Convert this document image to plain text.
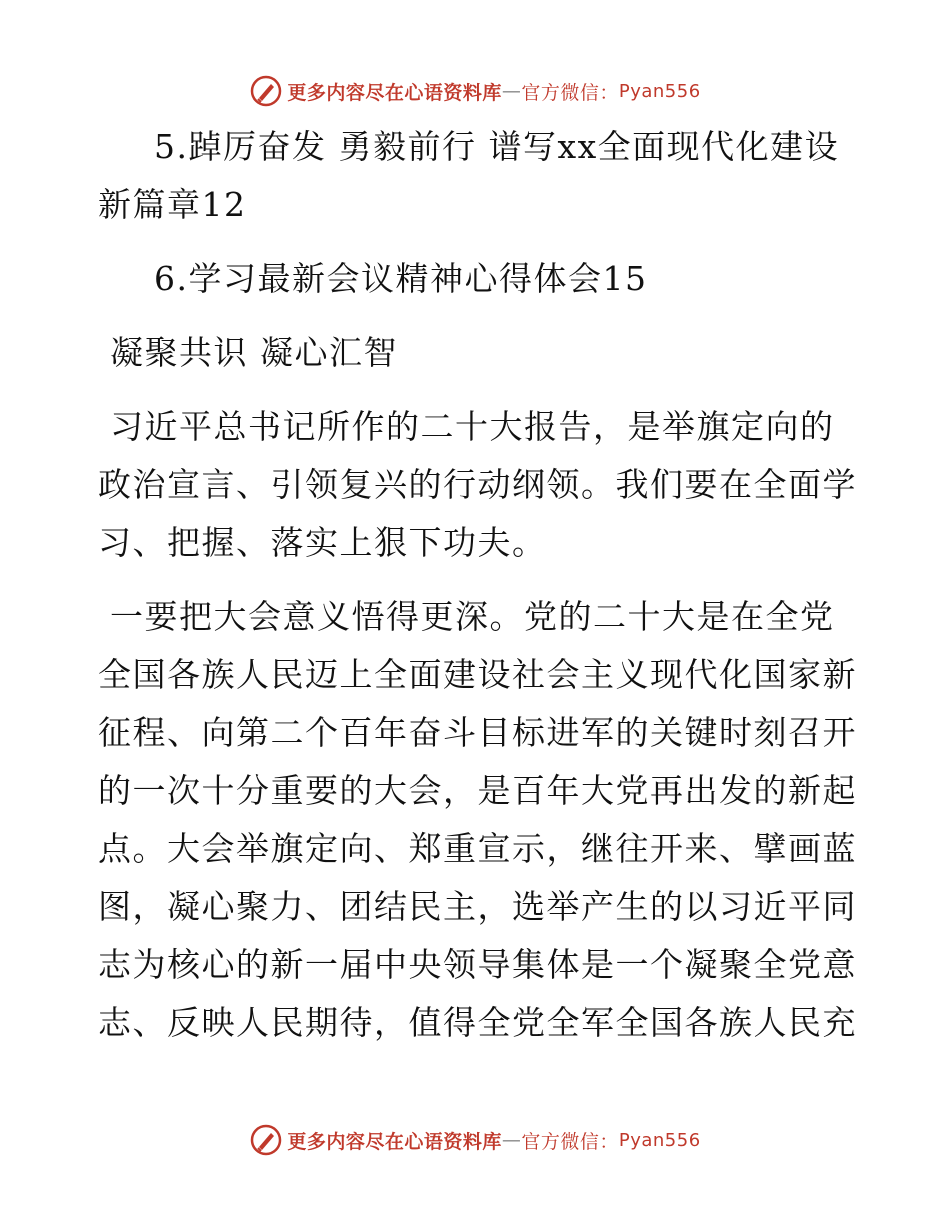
更多内容尽在心语资料库 — 官方微信： Pyan556
5.踔厉奋发 勇毅前行 谱写xx全面现代化建设
新篇章12
6.学习最新会议精神心得体会15
凝聚共识 凝心汇智
习近平总书记所作的二十大报告，是举旗定向的
政治宣言、引领复兴的行动纲领。我们要在全面学
习、把握、落实上狠下功夫。
一要把大会意义悟得更深。党的二十大是在全党
全国各族人民迈上全面建设社会主义现代化国家新
征程、向第二个百年奋斗目标进军的关键时刻召开
的一次十分重要的大会，是百年大党再出发的新起
点。大会举旗定向、郑重宣示，继往开来、擘画蓝
图，凝心聚力、团结民主，选举产生的以习近平同
志为核心的新一届中央领导集体是一个凝聚全党意
志、反映人民期待，值得全党全军全国各族人民充
更多内容尽在心语资料库 — 官方微信： Pyan556
